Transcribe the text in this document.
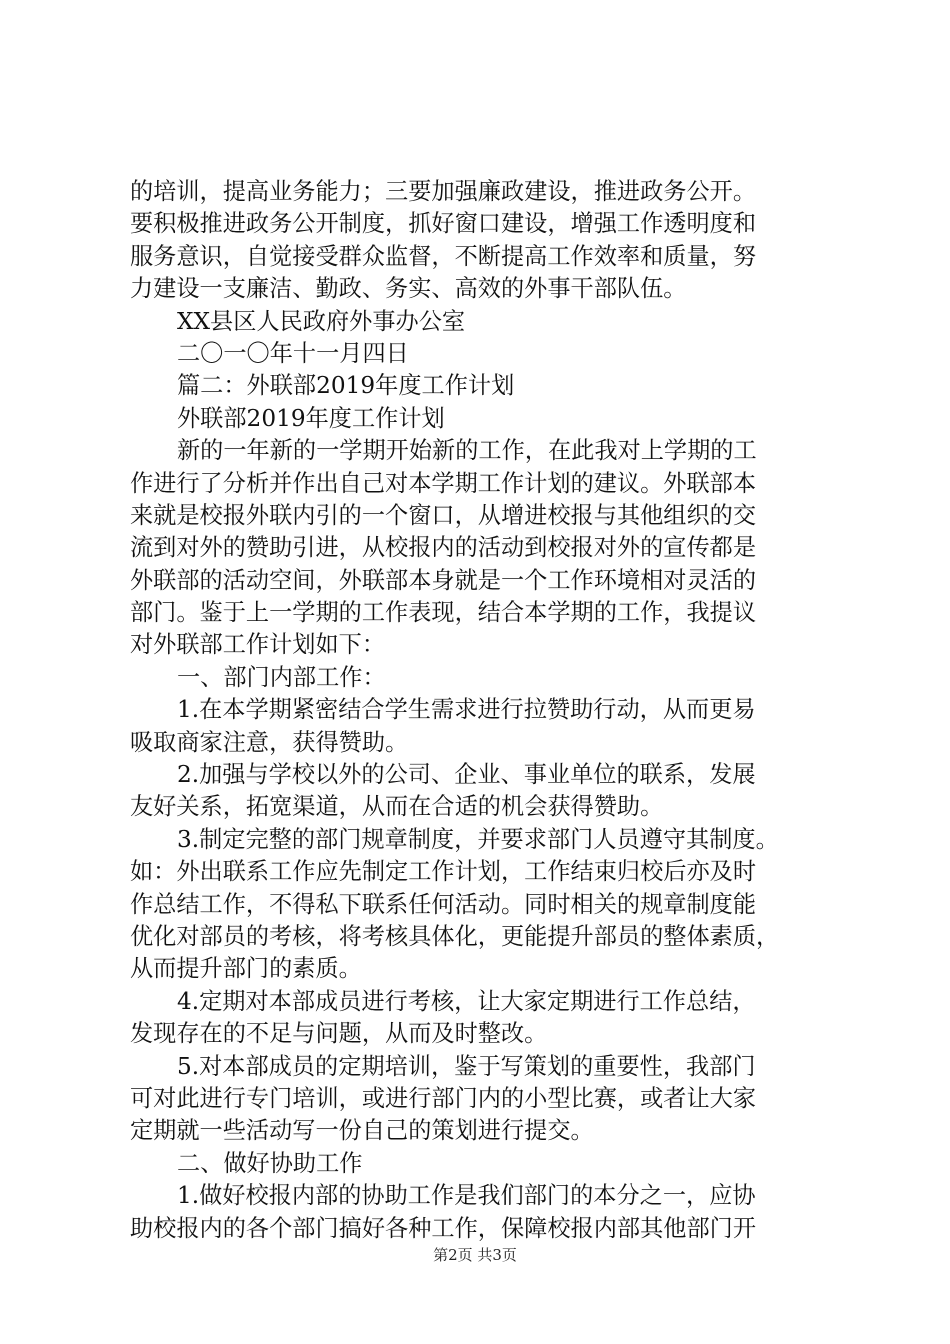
的培训，提高业务能力；三要加强廉政建设，推进政务公开。
要积极推进政务公开制度，抓好窗口建设，增强工作透明度和
服务意识，自觉接受群众监督，不断提高工作效率和质量，努
力建设一支廉洁、勤政、务实、高效的外事干部队伍。
XX县区人民政府外事办公室
二〇一〇年十一月四日
篇二：外联部2019年度工作计划
外联部2019年度工作计划
新的一年新的一学期开始新的工作，在此我对上学期的工
作进行了分析并作出自己对本学期工作计划的建议。外联部本
来就是校报外联内引的一个窗口，从增进校报与其他组织的交
流到对外的赞助引进，从校报内的活动到校报对外的宣传都是
外联部的活动空间，外联部本身就是一个工作环境相对灵活的
部门。鉴于上一学期的工作表现，结合本学期的工作，我提议
对外联部工作计划如下：
一、部门内部工作：
1.在本学期紧密结合学生需求进行拉赞助行动，从而更易
吸取商家注意，获得赞助。
2.加强与学校以外的公司、企业、事业单位的联系，发展
友好关系，拓宽渠道，从而在合适的机会获得赞助。
3.制定完整的部门规章制度，并要求部门人员遵守其制度。
如：外出联系工作应先制定工作计划，工作结束归校后亦及时
作总结工作，不得私下联系任何活动。同时相关的规章制度能
优化对部员的考核，将考核具体化，更能提升部员的整体素质，
从而提升部门的素质。
4.定期对本部成员进行考核，让大家定期进行工作总结，
发现存在的不足与问题，从而及时整改。
5.对本部成员的定期培训，鉴于写策划的重要性，我部门
可对此进行专门培训，或进行部门内的小型比赛，或者让大家
定期就一些活动写一份自己的策划进行提交。
二、做好协助工作
1.做好校报内部的协助工作是我们部门的本分之一，应协
助校报内的各个部门搞好各种工作，保障校报内部其他部门开
第2页 共3页
